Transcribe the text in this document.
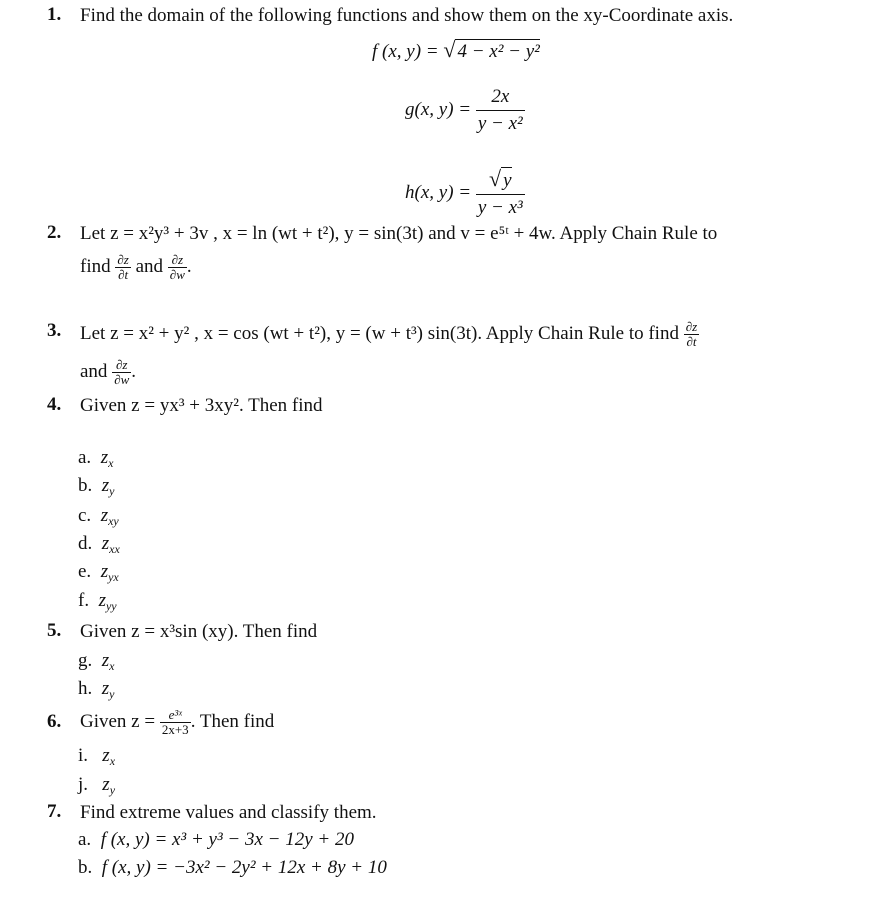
1. Find the domain of the following functions and show them on the xy-Coordinate axis.
f (x, y) = √ 4 − x² − y²
g(x, $y) = \frac{2x}{\text{y − x²}}$
h(x, $y) = \frac{√ y}{\text{y − x³}}$
2. Let z = x²y³ + 3v , x = ln (wt + t²), y = sin(3t) and v = e⁵ᵗ + 4w. Apply Chain Rule to
find $\frac{\partial z}{\partial t}$ and $\frac{\partial z}{\partial w}$ .
3. Let z = x² + y² , x = cos (wt + t²), y = (w + t³) sin(3t). Apply Chain Rule to find $\frac{\partial z}{\partial t}$
and $\frac{\partial z}{\partial w}$ .
4. Given z = yx³ + 3xy². Then find
a. $z_x$
b. $z_y$
c. $z_{xy}$
d. $z_{xx}$
e. $z_{yx}$
f. $z_{yy}$
5. Given z = x³sin (xy). Then find
g. $z_x$
h. $z_y$
6. Given $z = \frac{\text{e³ˣ}}{2x+3}$ . Then find
i. $z_x$
j. $z_y$
7. Find extreme values and classify them.
a. f (x, y) = x³ + y³ − 3x − 12y + 20
b. f (x, y) = −3x² − 2y² + 12x + 8y + 10
